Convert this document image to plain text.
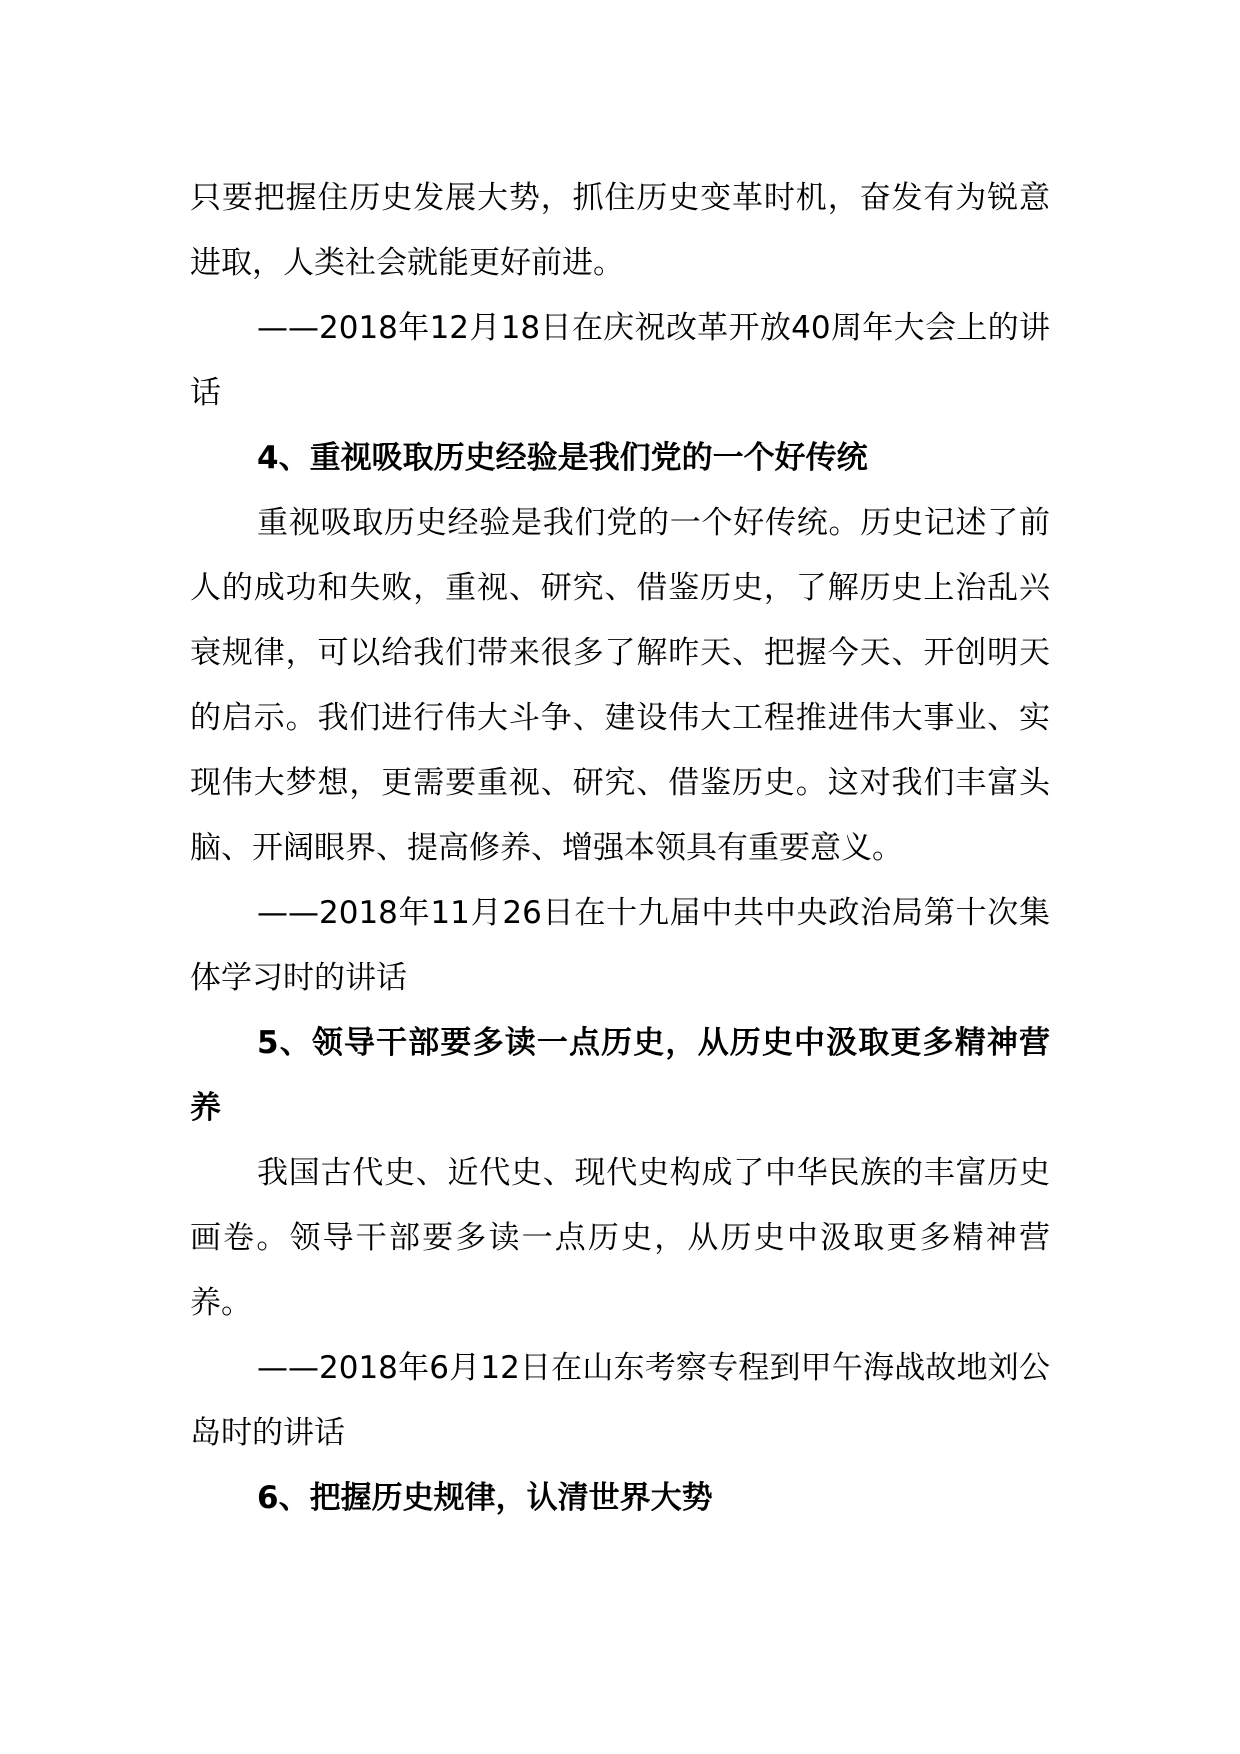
只要把握住历史发展大势，抓住历史变革时机，奋发有为锐意进取，人类社会就能更好前进。

——2018年12月18日在庆祝改革开放40周年大会上的讲话

4、重视吸取历史经验是我们党的一个好传统

重视吸取历史经验是我们党的一个好传统。历史记述了前人的成功和失败，重视、研究、借鉴历史，了解历史上治乱兴衰规律，可以给我们带来很多了解昨天、把握今天、开创明天的启示。我们进行伟大斗争、建设伟大工程推进伟大事业、实现伟大梦想，更需要重视、研究、借鉴历史。这对我们丰富头脑、开阔眼界、提高修养、增强本领具有重要意义。

——2018年11月26日在十九届中共中央政治局第十次集体学习时的讲话

5、领导干部要多读一点历史，从历史中汲取更多精神营养

我国古代史、近代史、现代史构成了中华民族的丰富历史画卷。领导干部要多读一点历史，从历史中汲取更多精神营养。

——2018年6月12日在山东考察专程到甲午海战故地刘公岛时的讲话

6、把握历史规律，认清世界大势
